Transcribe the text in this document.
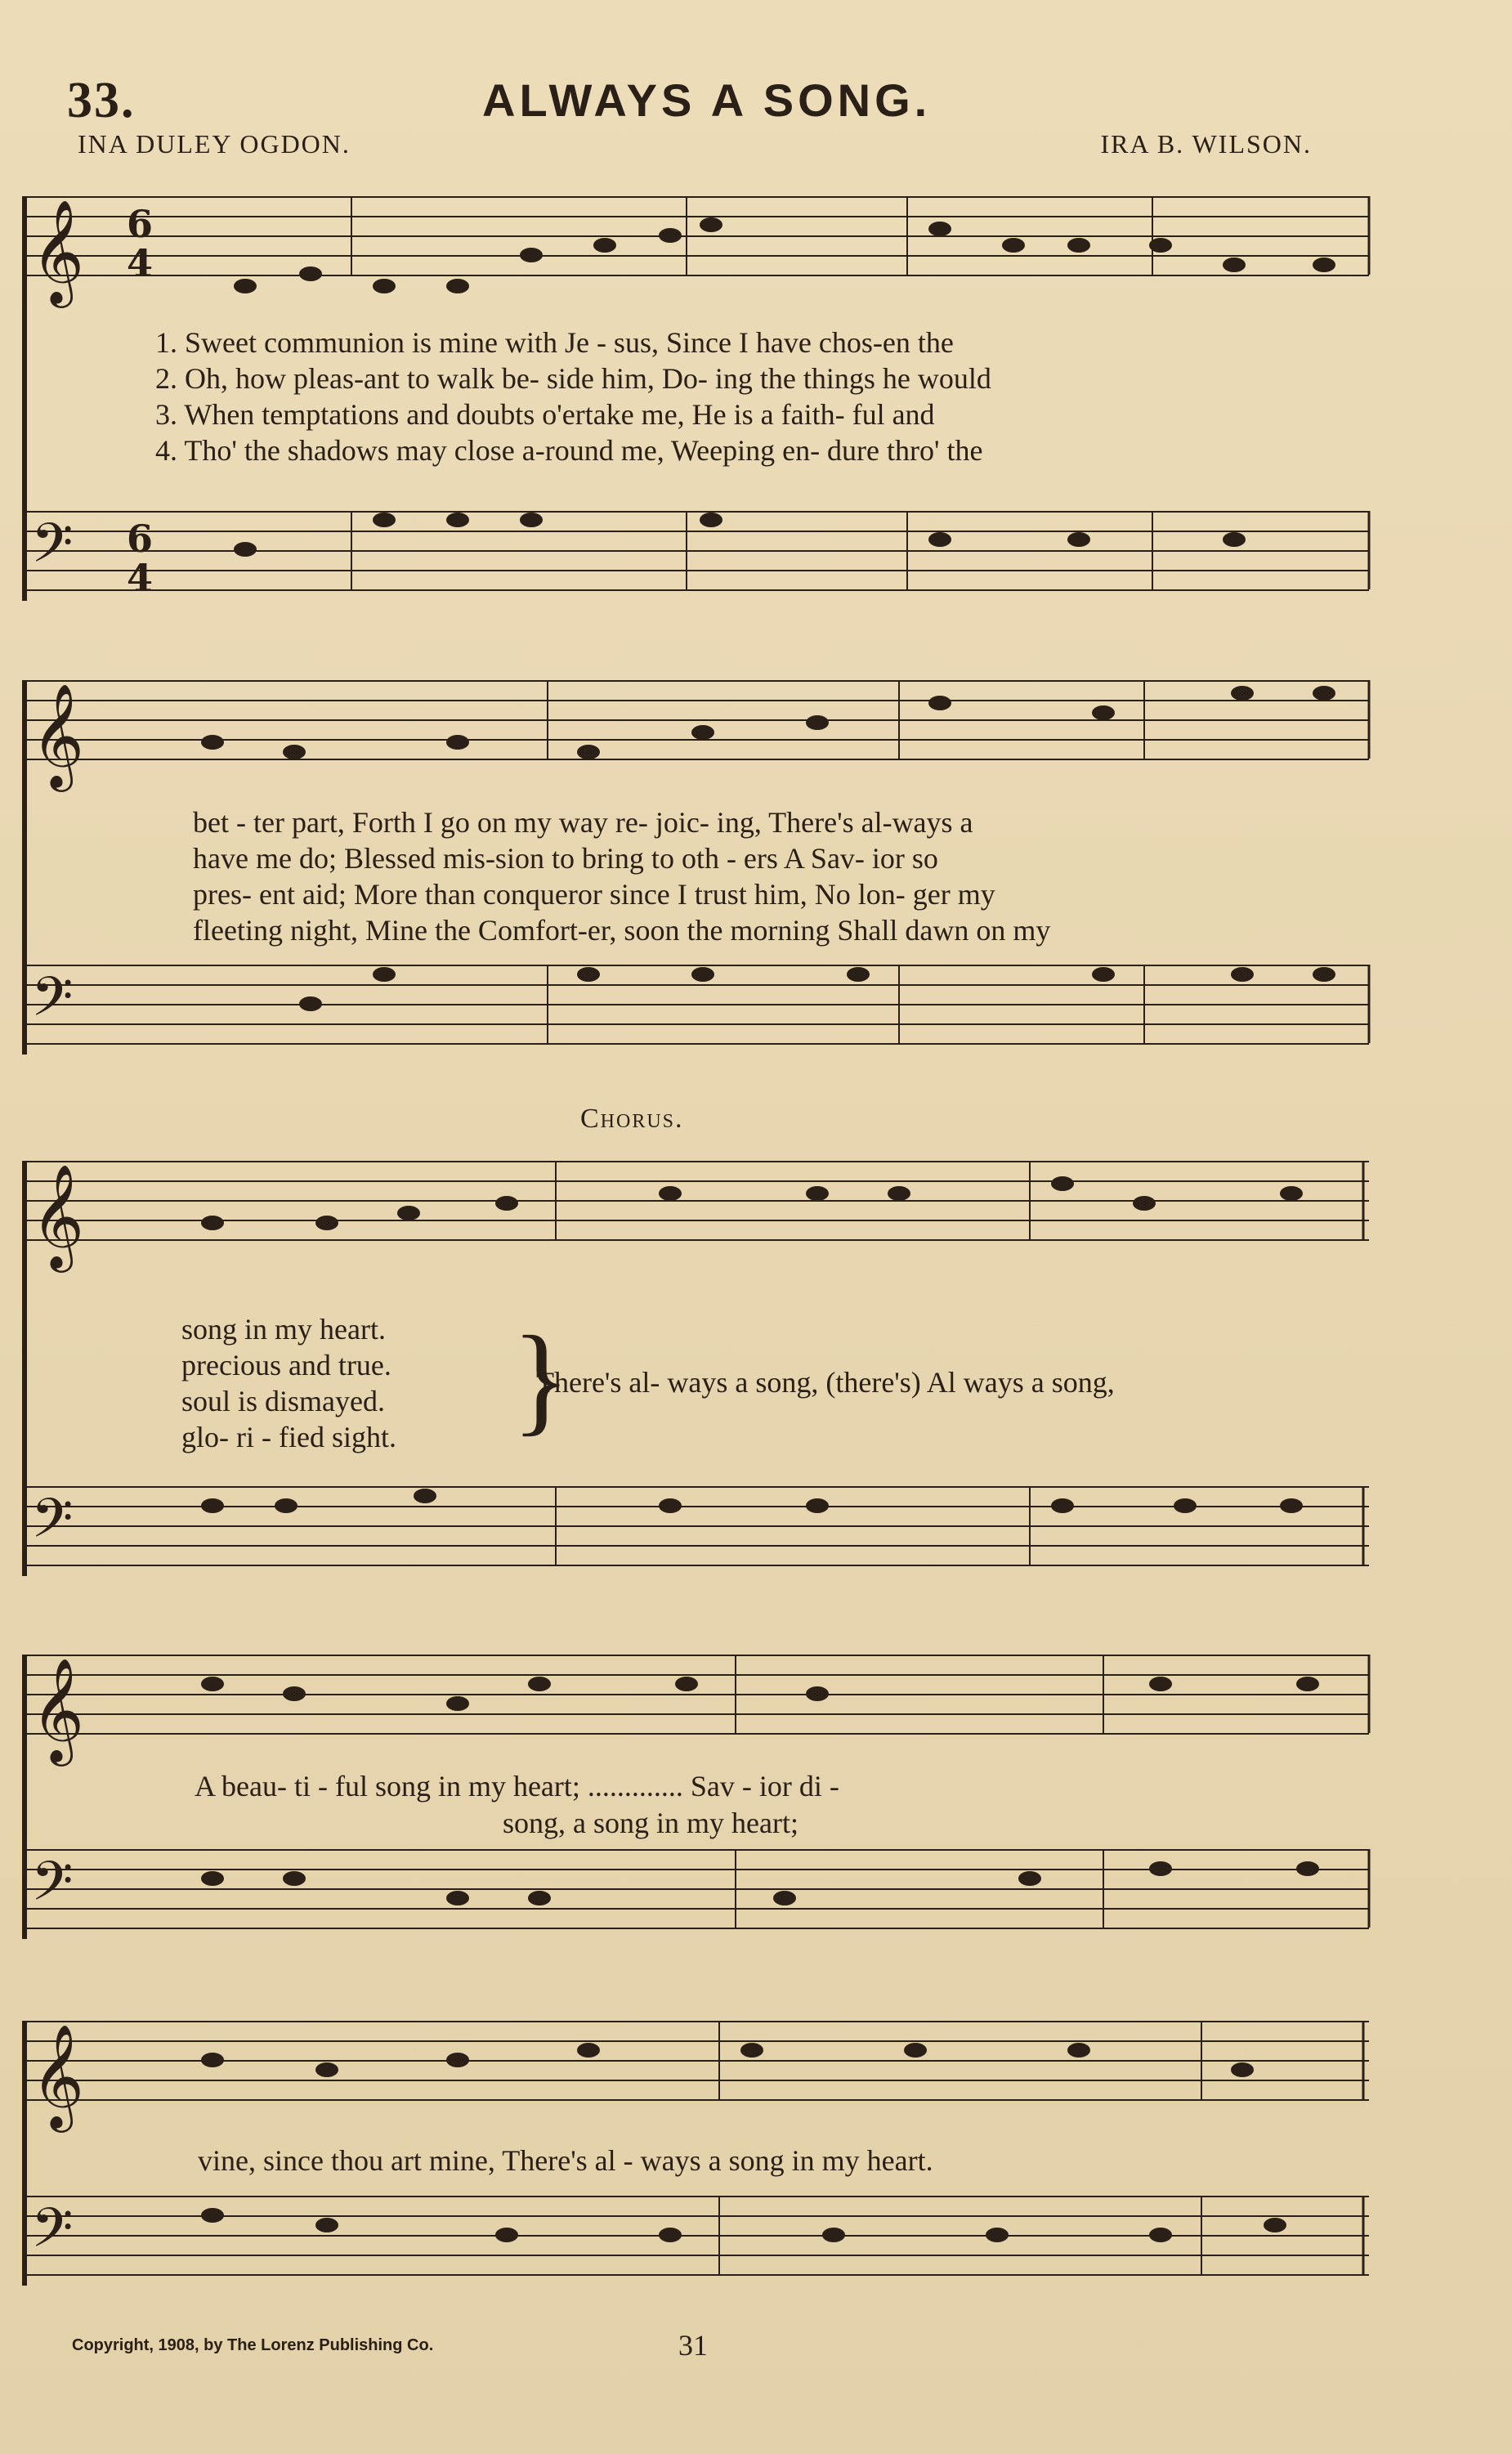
33.	ALWAYS A SONG.
INA DULEY OGDON.	IRA B. WILSON.
1. Sweet communion is mine with Je - sus, Since I have chos-en the
2. Oh, how pleas-ant to walk be- side him, Do- ing the things he would
3. When temptations and doubts o'ertake me, He is a faith- ful and
4. Tho' the shadows may close a-round me, Weeping en- dure thro' the
bet - ter part, Forth I go on my way re- joic- ing, There's al-ways a
have me do; Blessed mis-sion to bring to oth - ers A Sav- ior so
pres- ent aid; More than conqueror since I trust him, No lon- ger my
fleeting night, Mine the Comfort-er, soon the morning Shall dawn on my
Chorus.
song in my heart.
precious and true.
soul is dismayed.
glo- ri - fied sight. }
There's al- ways a song, (there's) Al ways a song,
A beau- ti - ful song in my heart; ............. Sav - ior di -
song, a song in my heart;
vine, since thou art mine, There's al - ways a song in my heart.
𝄞
𝄞
𝄞
𝄞
𝄞
𝄢
𝄢
𝄢
𝄢
𝄢
6
4
6
4
Copyright, 1908, by The Lorenz Publishing Co.	31
